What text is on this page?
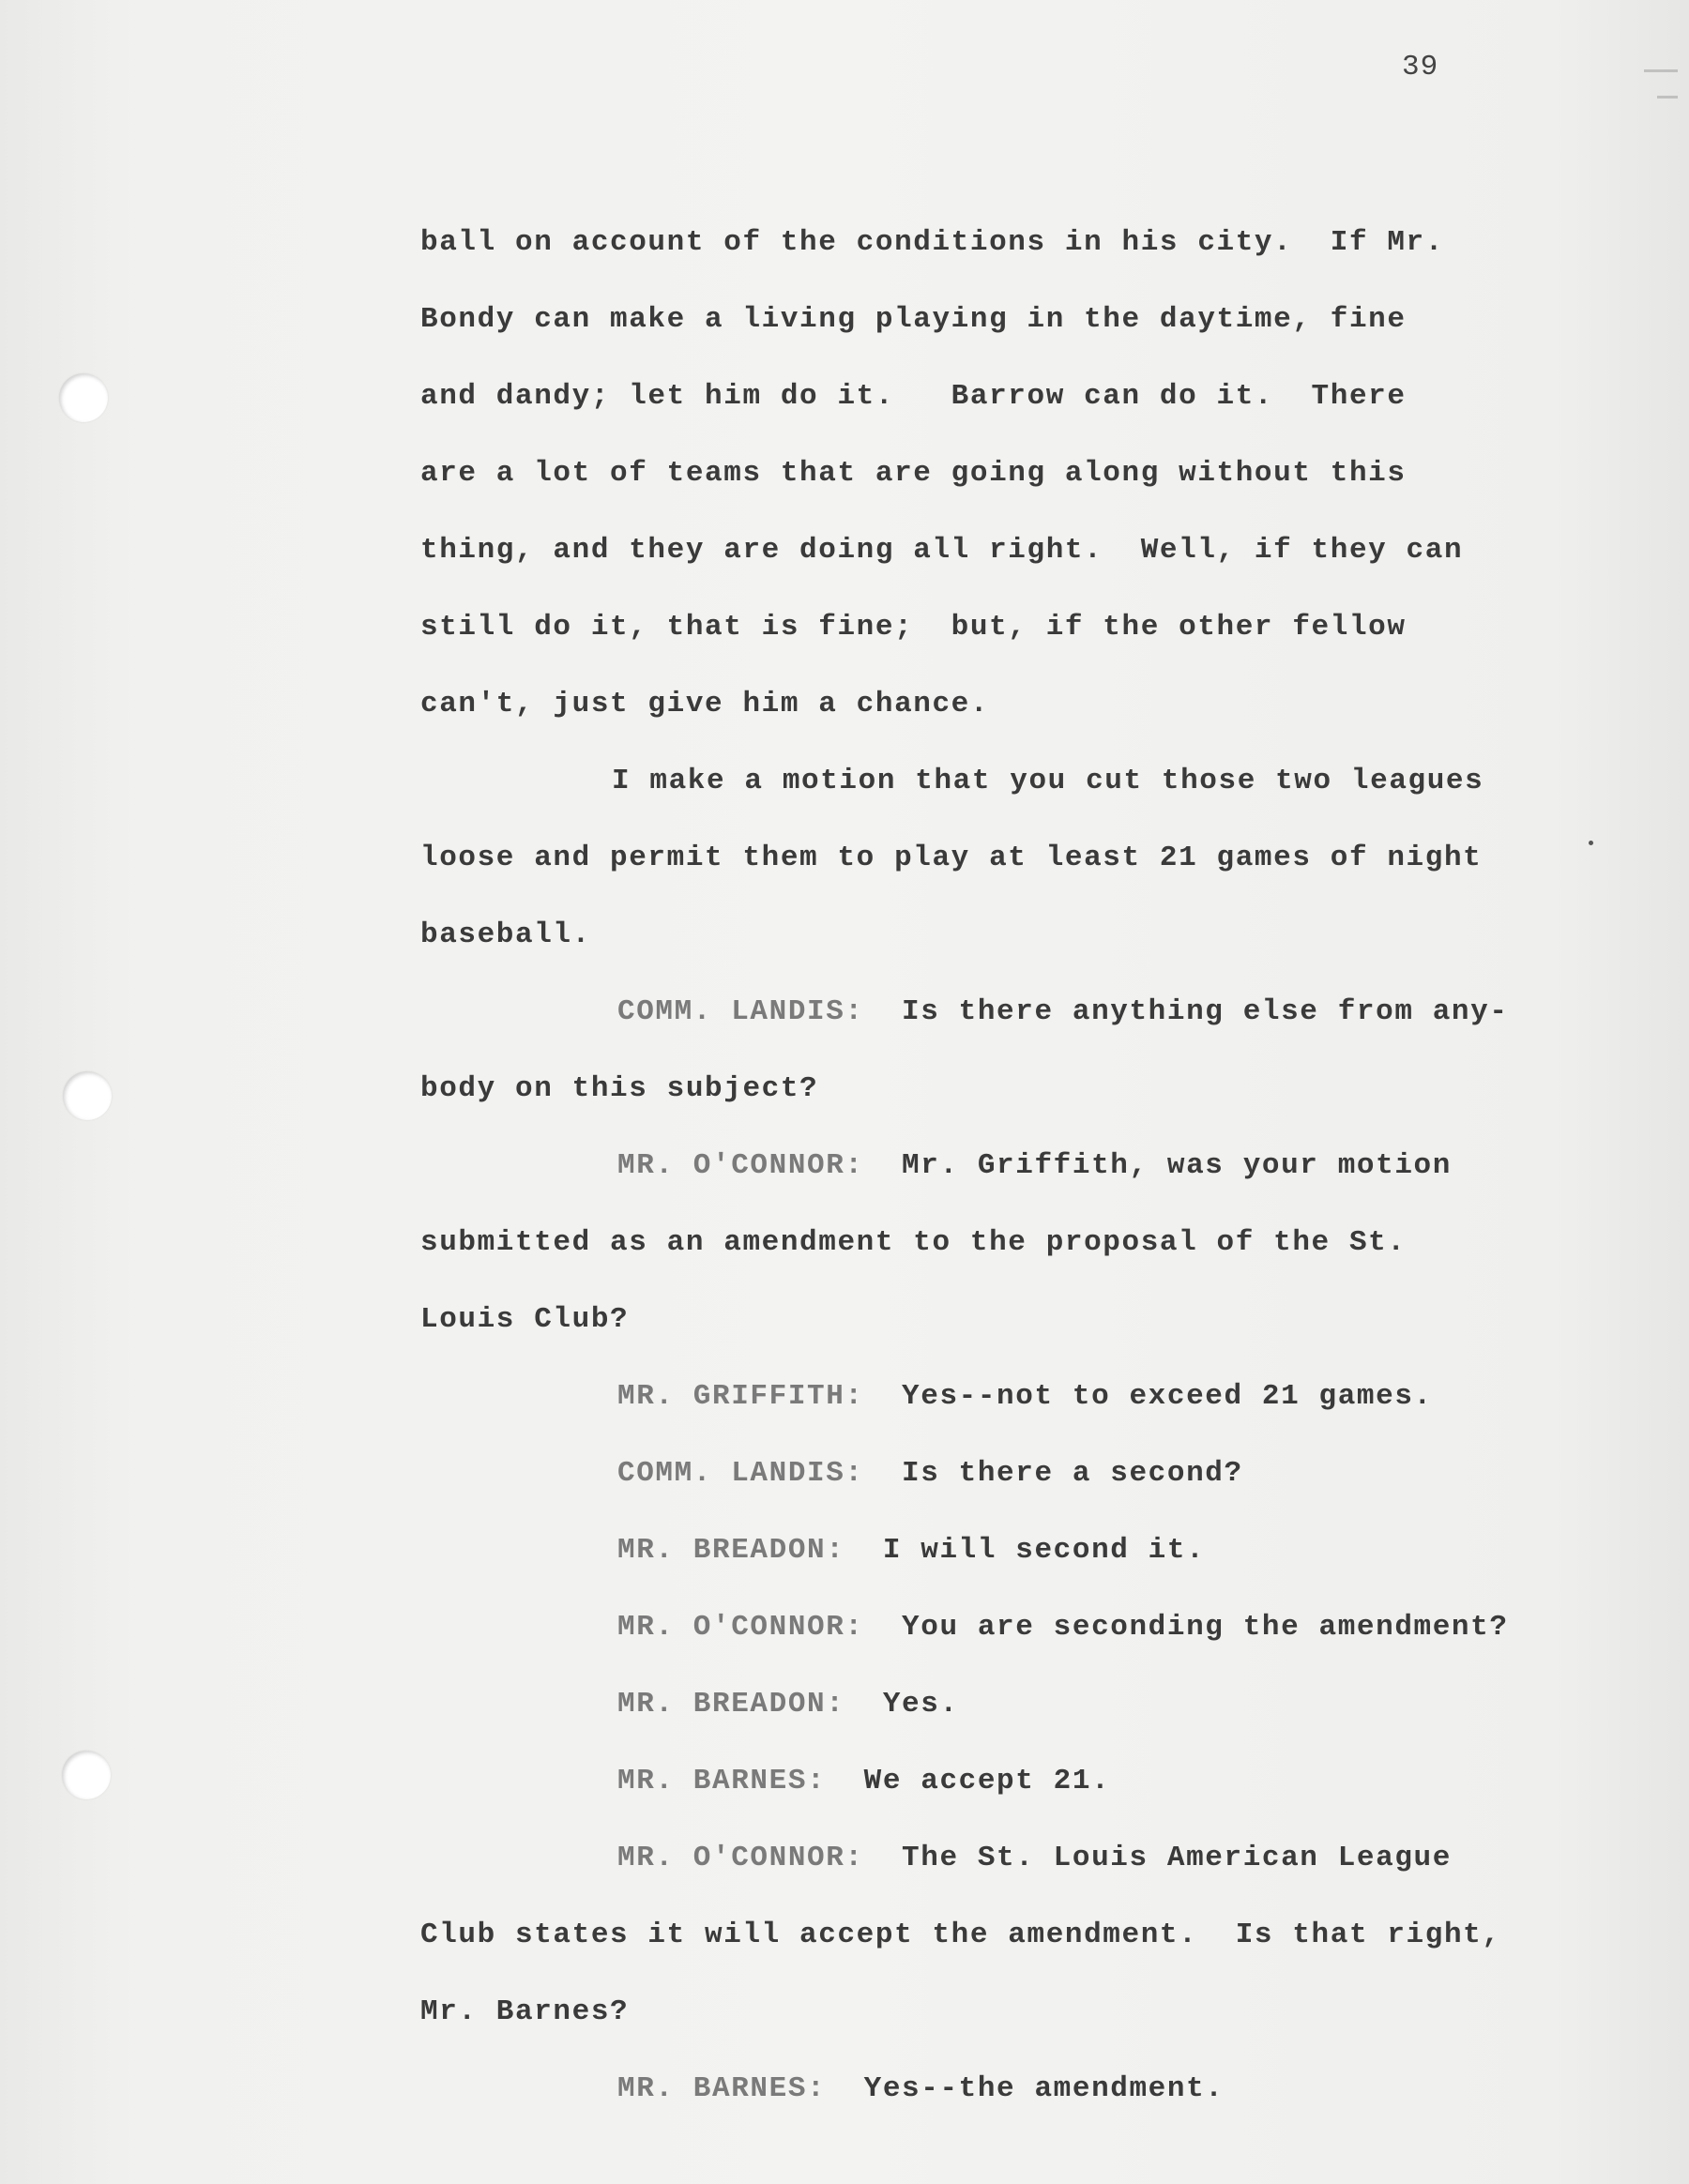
39
ball on account of the conditions in his city.  If Mr.
Bondy can make a living playing in the daytime, fine
and dandy; let him do it.   Barrow can do it.  There
are a lot of teams that are going along without this
thing, and they are doing all right.  Well, if they can
still do it, that is fine;  but, if the other fellow
can't, just give him a chance.
I make a motion that you cut those two leagues
loose and permit them to play at least 21 games of night
baseball.
COMM. LANDIS:  Is there anything else from any-
body on this subject?
MR. O'CONNOR:  Mr. Griffith, was your motion
submitted as an amendment to the proposal of the St.
Louis Club?
MR. GRIFFITH:  Yes--not to exceed 21 games.
COMM. LANDIS:  Is there a second?
MR. BREADON:  I will second it.
MR. O'CONNOR:  You are seconding the amendment?
MR. BREADON:  Yes.
MR. BARNES:  We accept 21.
MR. O'CONNOR:  The St. Louis American League
Club states it will accept the amendment.  Is that right,
Mr. Barnes?
MR. BARNES:  Yes--the amendment.
